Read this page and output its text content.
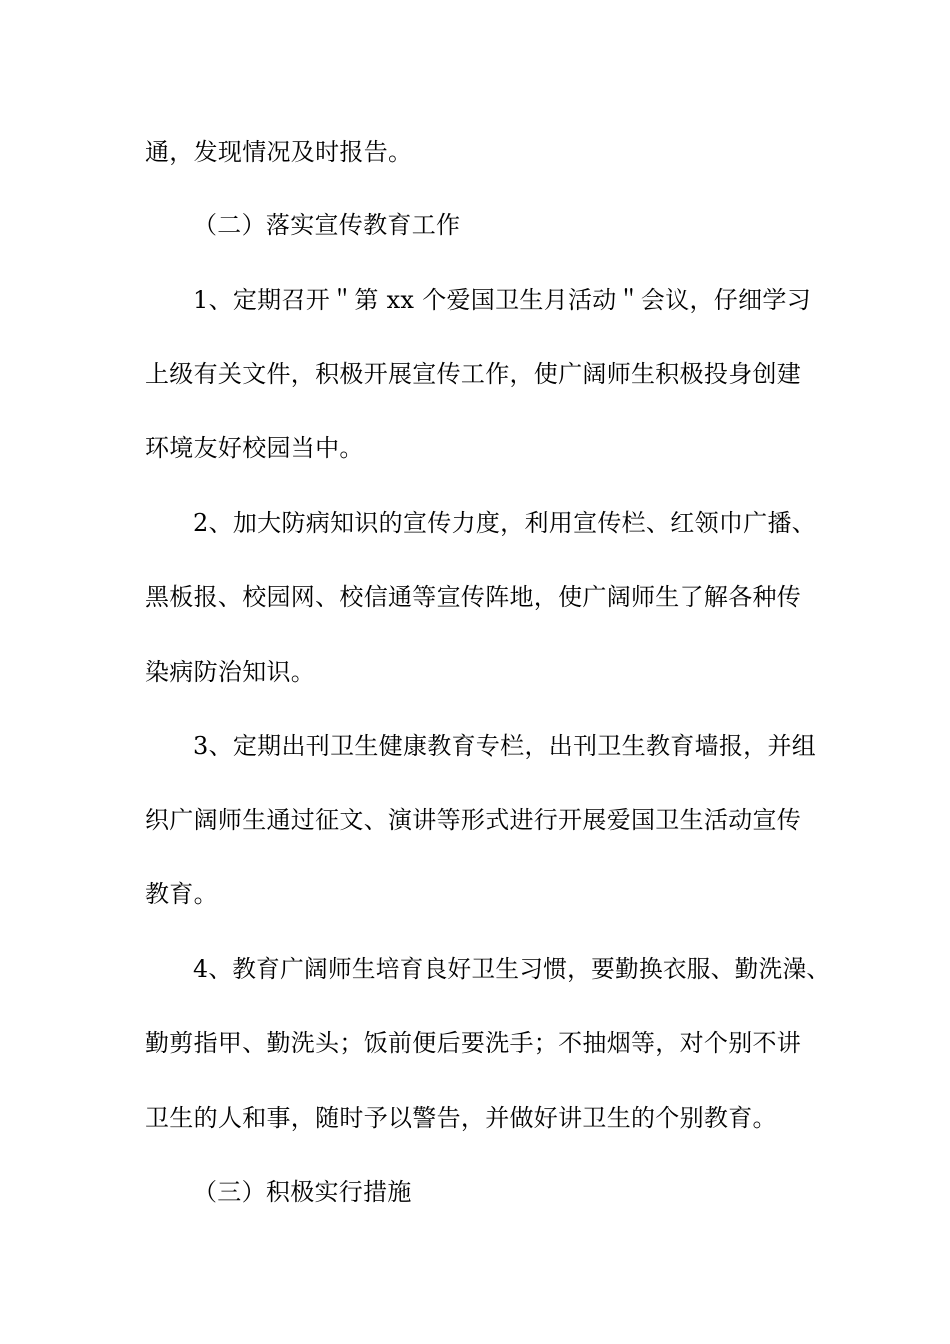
通，发现情况及时报告。
（二）落实宣传教育工作
1、定期召开＂第 xx 个爱国卫生月活动＂会议，仔细学习
上级有关文件，积极开展宣传工作，使广阔师生积极投身创建
环境友好校园当中。
2、加大防病知识的宣传力度，利用宣传栏、红领巾广播、
黑板报、校园网、校信通等宣传阵地，使广阔师生了解各种传
染病防治知识。
3、定期出刊卫生健康教育专栏，出刊卫生教育墙报，并组
织广阔师生通过征文、演讲等形式进行开展爱国卫生活动宣传
教育。
4、教育广阔师生培育良好卫生习惯，要勤换衣服、勤洗澡、
勤剪指甲、勤洗头；饭前便后要洗手；不抽烟等，对个别不讲
卫生的人和事，随时予以警告，并做好讲卫生的个别教育。
（三）积极实行措施
